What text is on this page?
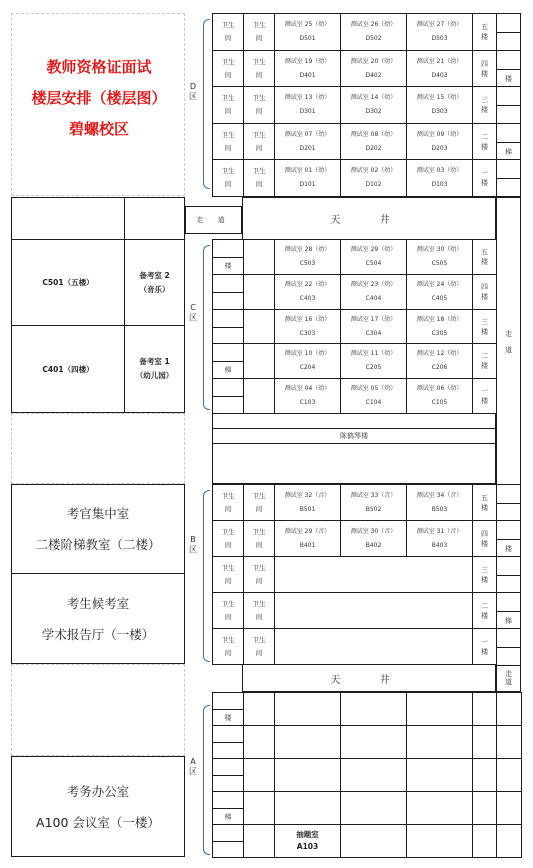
教师资格证面试
楼层安排（楼层图）
碧螺校区
C501（五楼）
备考室 2
（音乐）
C401（四楼）
备考室 1
（幼儿园）
考官集中室
二楼阶梯教室（二楼）
考生候考室
学术报告厅（一楼）
考务办公室
A100 会议室（一楼）
D
区
C
区
B
区
A
区
走 道	天 井
走

道
陈鹤琴楼
天 井
走
道
卫生
间
卫生
间
测试室 25（幼）
D501
测试室 26（幼）
D502
测试室 27（幼）
D503
五
楼
卫生
间
卫生
间
测试室 19（幼）
D401
测试室 20（幼）
D402
测试室 21（幼）
D403
四
楼
楼
卫生
间
卫生
间
测试室 13（幼）
D301
测试室 14（幼）
D302
测试室 15（幼）
D303
三
楼
卫生
间
卫生
间
测试室 07（幼）
D201
测试室 08（幼）
D202
测试室 09（幼）
D203
二
楼
梯
卫生
间
卫生
间
测试室 01（幼）
D101
测试室 02（幼）
D102
测试室 03（幼）
D103
一
楼
楼
测试室 28（幼）
C503
测试室 29（幼）
C504
测试室 30（幼）
C505
五
楼
测试室 22（幼）
C403
测试室 23（幼）
C404
测试室 24（幼）
C405
四
楼
测试室 16（幼）
C303
测试室 17（幼）
C304
测试室 18（幼）
C305
三
楼
梯
测试室 10（幼）
C204
测试室 11（幼）
C205
测试室 12（幼）
C206
二
楼
测试室 04（幼）
C103
测试室 05（幼）
C104
测试室 06（幼）
C105
一
楼
卫生
间
卫生
间
测试室 32（音）
B501
测试室 33（音）
B502
测试室 34（音）
B503
五
楼
卫生
间
卫生
间
测试室 29（音）
B401
测试室 30（音）
B402
测试室 31（音）
B403
四
楼
楼
卫生
间
卫生
间
三
楼
卫生
间
卫生
间
二
楼
梯
卫生
间
卫生
间
一
楼
楼
梯
抽题室
A103
